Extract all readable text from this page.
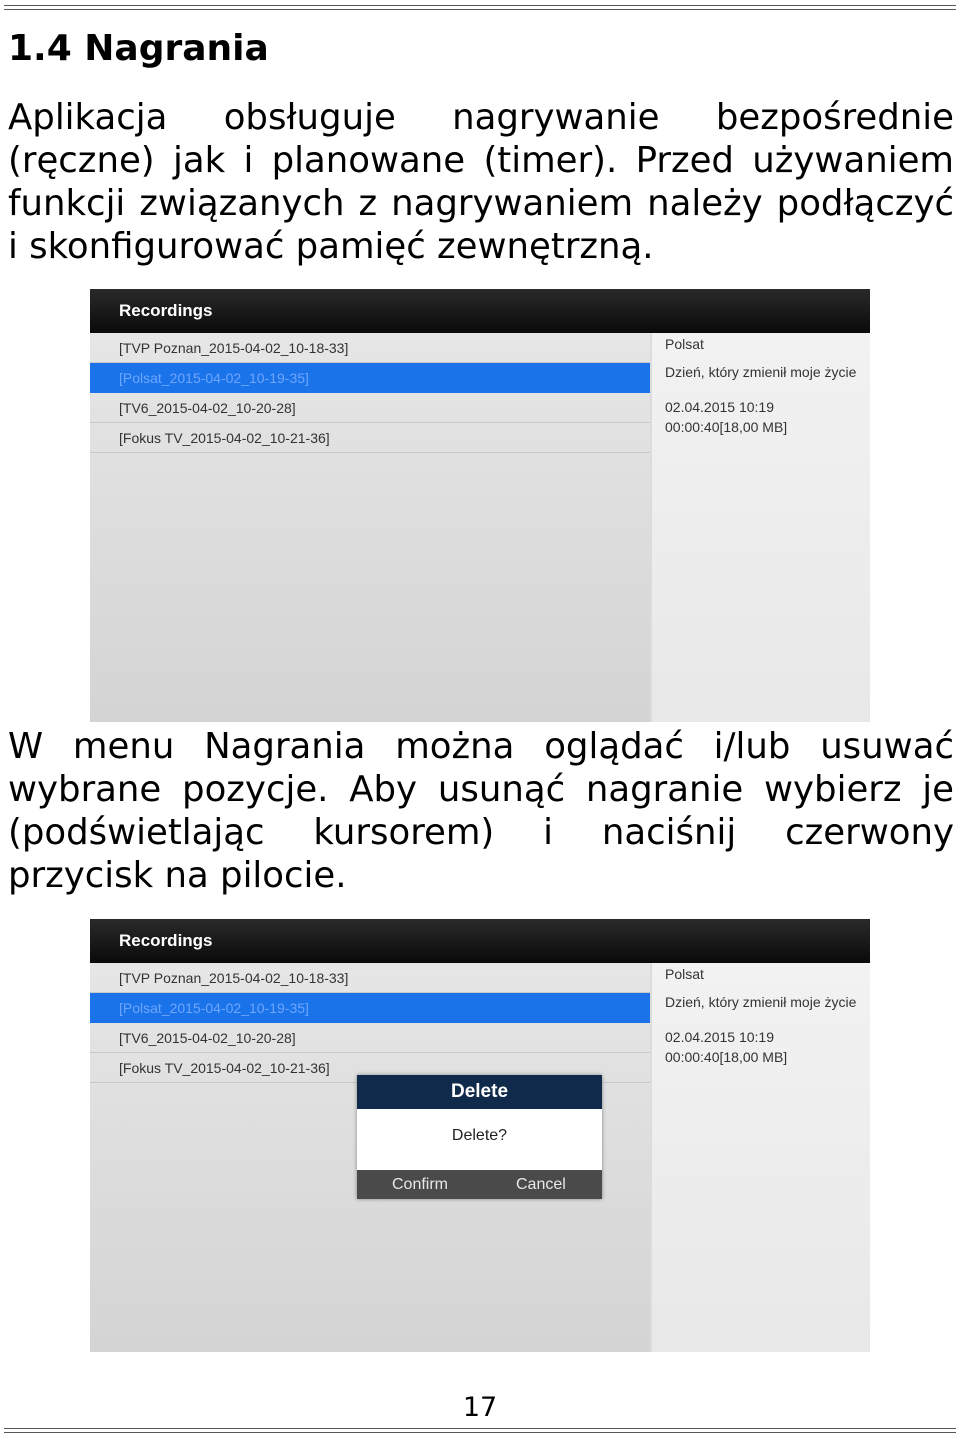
1.4 Nagrania

Aplikacja obsługuje nagrywanie bezpośrednie
(ręczne) jak i planowane (timer). Przed używaniem
funkcji związanych z nagrywaniem należy podłączyć
i skonfigurować pamięć zewnętrzną.

Recordings
[TVP Poznan_2015-04-02_10-18-33]
[Polsat_2015-04-02_10-19-35]
[TV6_2015-04-02_10-20-28]
[Fokus TV_2015-04-02_10-21-36]
Polsat
Dzień, który zmienił moje życie
02.04.2015 10:19
00:00:40[18,00 MB]

W menu Nagrania można oglądać i/lub usuwać
wybrane pozycje. Aby usunąć nagranie wybierz je
(podświetlając kursorem) i naciśnij czerwony
przycisk na pilocie.

Recordings
[TVP Poznan_2015-04-02_10-18-33]
[Polsat_2015-04-02_10-19-35]
[TV6_2015-04-02_10-20-28]
[Fokus TV_2015-04-02_10-21-36]
Polsat
Dzień, który zmienił moje życie
02.04.2015 10:19
00:00:40[18,00 MB]
Delete
Delete?
Confirm	Cancel
17
